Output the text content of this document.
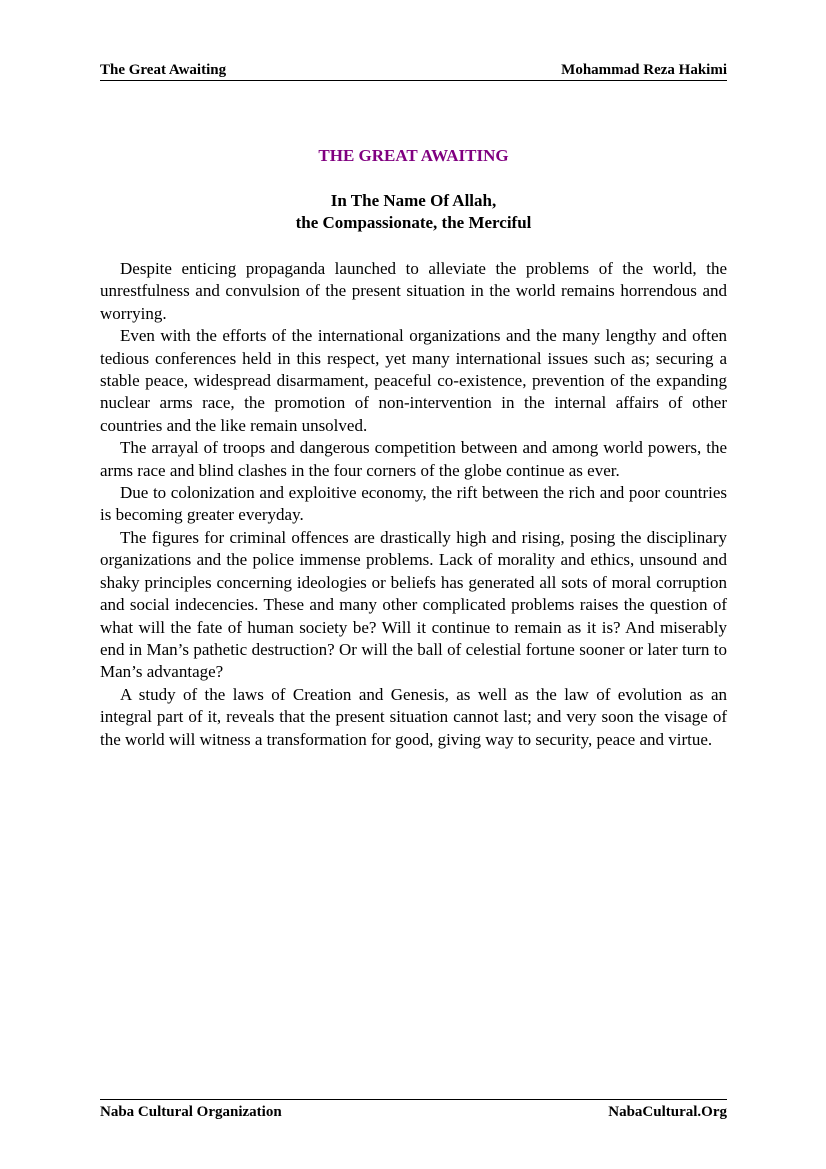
The Great Awaiting	Mohammad Reza Hakimi
THE GREAT AWAITING
In The Name Of Allah,
the Compassionate, the Merciful

Despite enticing propaganda launched to alleviate the problems of the world, the unrestfulness and convulsion of the present situation in the world remains horrendous and worrying.

Even with the efforts of the international organizations and the many lengthy and often tedious conferences held in this respect, yet many international issues such as; securing a stable peace, widespread disarmament, peaceful co-existence, prevention of the expanding nuclear arms race, the promotion of non-intervention in the internal affairs of other countries and the like remain unsolved.

The arrayal of troops and dangerous competition between and among world powers, the arms race and blind clashes in the four corners of the globe continue as ever.

Due to colonization and exploitive economy, the rift between the rich and poor countries is becoming greater everyday.

The figures for criminal offences are drastically high and rising, posing the disciplinary organizations and the police immense problems. Lack of morality and ethics, unsound and shaky principles concerning ideologies or beliefs has generated all sots of moral corruption and social indecencies. These and many other complicated problems raises the question of what will the fate of human society be? Will it continue to remain as it is? And miserably end in Man’s pathetic destruction? Or will the ball of celestial fortune sooner or later turn to Man’s advantage?

A study of the laws of Creation and Genesis, as well as the law of evolution as an integral part of it, reveals that the present situation cannot last; and very soon the visage of the world will witness a transformation for good, giving way to security, peace and virtue.

Naba Cultural Organization	NabaCultural.Org
